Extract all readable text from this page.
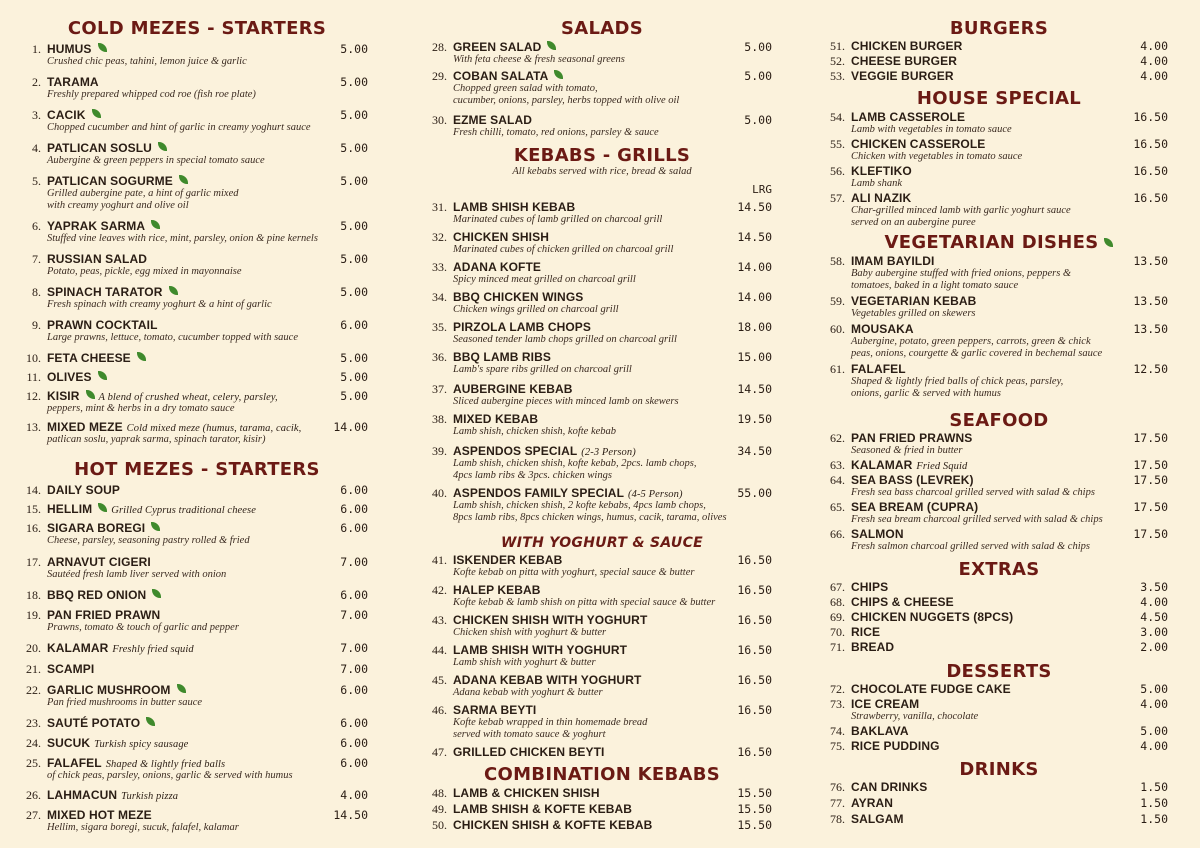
COLD MEZES - STARTERS
1. HUMUS	5.00
Crushed chic peas, tahini, lemon juice & garlic
2. TARAMA	5.00
Freshly prepared whipped cod roe (fish roe plate)
3. CACIK	5.00
Chopped cucumber and hint of garlic in creamy yoghurt sauce
4. PATLICAN SOSLU	5.00
Aubergine & green peppers in special tomato sauce
5. PATLICAN SOGURME	5.00
Grilled aubergine pate, a hint of garlic mixed
with creamy yoghurt and olive oil
6. YAPRAK SARMA	5.00
Stuffed vine leaves with rice, mint, parsley, onion & pine kernels
7. RUSSIAN SALAD	5.00
Potato, peas, pickle, egg mixed in mayonnaise
8. SPINACH TARATOR	5.00
Fresh spinach with creamy yoghurt & a hint of garlic
9. PRAWN COCKTAIL	6.00
Large prawns, lettuce, tomato, cucumber topped with sauce
10. FETA CHEESE	5.00
11. OLIVES	5.00
12. KISIR A blend of crushed wheat, celery, parsley,	5.00
peppers, mint & herbs in a dry tomato sauce
13. MIXED MEZE Cold mixed meze (humus, tarama, cacik,	14.00
patlican soslu, yaprak sarma, spinach tarator, kisir)
HOT MEZES - STARTERS
14. DAILY SOUP	6.00
15. HELLIM Grilled Cyprus traditional cheese	6.00
16. SIGARA BOREGI	6.00
Cheese, parsley, seasoning pastry rolled & fried
17. ARNAVUT CIGERI	7.00
Sautéed fresh lamb liver served with onion
18. BBQ RED ONION	6.00
19. PAN FRIED PRAWN	7.00
Prawns, tomato & touch of garlic and pepper
20. KALAMAR Freshly fried squid	7.00
21. SCAMPI	7.00
22. GARLIC MUSHROOM	6.00
Pan fried mushrooms in butter sauce
23. SAUTÉ POTATO	6.00
24. SUCUK Turkish spicy sausage	6.00
25. FALAFEL Shaped & lightly fried balls	6.00
of chick peas, parsley, onions, garlic & served with humus
26. LAHMACUN Turkish pizza	4.00
27. MIXED HOT MEZE	14.50
Hellim, sigara boregi, sucuk, falafel, kalamar
SALADS
28. GREEN SALAD	5.00
With feta cheese & fresh seasonal greens
29. COBAN SALATA	5.00
Chopped green salad with tomato,
cucumber, onions, parsley, herbs topped with olive oil
30. EZME SALAD	5.00
Fresh chilli, tomato, red onions, parsley & sauce
KEBABS - GRILLS
All kebabs served with rice, bread & salad
LRG
31. LAMB SHISH KEBAB	14.50
Marinated cubes of lamb grilled on charcoal grill
32. CHICKEN SHISH	14.50
Marinated cubes of chicken grilled on charcoal grill
33. ADANA KOFTE	14.00
Spicy minced meat grilled on charcoal grill
34. BBQ CHICKEN WINGS	14.00
Chicken wings grilled on charcoal grill
35. PIRZOLA LAMB CHOPS	18.00
Seasoned tender lamb chops grilled on charcoal grill
36. BBQ LAMB RIBS	15.00
Lamb's spare ribs grilled on charcoal grill
37. AUBERGINE KEBAB	14.50
Sliced aubergine pieces with minced lamb on skewers
38. MIXED KEBAB	19.50
Lamb shish, chicken shish, kofte kebab
39. ASPENDOS SPECIAL (2-3 Person)	34.50
Lamb shish, chicken shish, kofte kebab, 2pcs. lamb chops,
4pcs lamb ribs & 3pcs. chicken wings
40. ASPENDOS FAMILY SPECIAL (4-5 Person)	55.00
Lamb shish, chicken shish, 2 kofte kebabs, 4pcs lamb chops,
8pcs lamb ribs, 8pcs chicken wings, humus, cacik, tarama, olives
WITH YOGHURT & SAUCE
41. ISKENDER KEBAB	16.50
Kofte kebab on pitta with yoghurt, special sauce & butter
42. HALEP KEBAB	16.50
Kofte kebab & lamb shish on pitta with special sauce & butter
43. CHICKEN SHISH WITH YOGHURT	16.50
Chicken shish with yoghurt & butter
44. LAMB SHISH WITH YOGHURT	16.50
Lamb shish with yoghurt & butter
45. ADANA KEBAB WITH YOGHURT	16.50
Adana kebab with yoghurt & butter
46. SARMA BEYTI	16.50
Kofte kebab wrapped in thin homemade bread
served with tomato sauce & yoghurt
47. GRILLED CHICKEN BEYTI	16.50
COMBINATION KEBABS
48. LAMB & CHICKEN SHISH	15.50
49. LAMB SHISH & KOFTE KEBAB	15.50
50. CHICKEN SHISH & KOFTE KEBAB	15.50
BURGERS
51. CHICKEN BURGER	4.00
52. CHEESE BURGER	4.00
53. VEGGIE BURGER	4.00
HOUSE SPECIAL
54. LAMB CASSEROLE	16.50
Lamb with vegetables in tomato sauce
55. CHICKEN CASSEROLE	16.50
Chicken with vegetables in tomato sauce
56. KLEFTIKO	16.50
Lamb shank
57. ALI NAZIK	16.50
Char-grilled minced lamb with garlic yoghurt sauce
served on an aubergine puree
VEGETARIAN DISHES
58. IMAM BAYILDI	13.50
Baby aubergine stuffed with fried onions, peppers &
tomatoes, baked in a light tomato sauce
59. VEGETARIAN KEBAB	13.50
Vegetables grilled on skewers
60. MOUSAKA	13.50
Aubergine, potato, green peppers, carrots, green & chick
peas, onions, courgette & garlic covered in bechemal sauce
61. FALAFEL	12.50
Shaped & lightly fried balls of chick peas, parsley,
onions, garlic & served with humus
SEAFOOD
62. PAN FRIED PRAWNS	17.50
Seasoned & fried in butter
63. KALAMAR Fried Squid	17.50
64. SEA BASS (LEVREK)	17.50
Fresh sea bass charcoal grilled served with salad & chips
65. SEA BREAM (CUPRA)	17.50
Fresh sea bream charcoal grilled served with salad & chips
66. SALMON	17.50
Fresh salmon charcoal grilled served with salad & chips
EXTRAS
67. CHIPS	3.50
68. CHIPS & CHEESE	4.00
69. CHICKEN NUGGETS (8PCS)	4.50
70. RICE	3.00
71. BREAD	2.00
DESSERTS
72. CHOCOLATE FUDGE CAKE	5.00
73. ICE CREAM	4.00
Strawberry, vanilla, chocolate
74. BAKLAVA	5.00
75. RICE PUDDING	4.00
DRINKS
76. CAN DRINKS	1.50
77. AYRAN	1.50
78. SALGAM	1.50
